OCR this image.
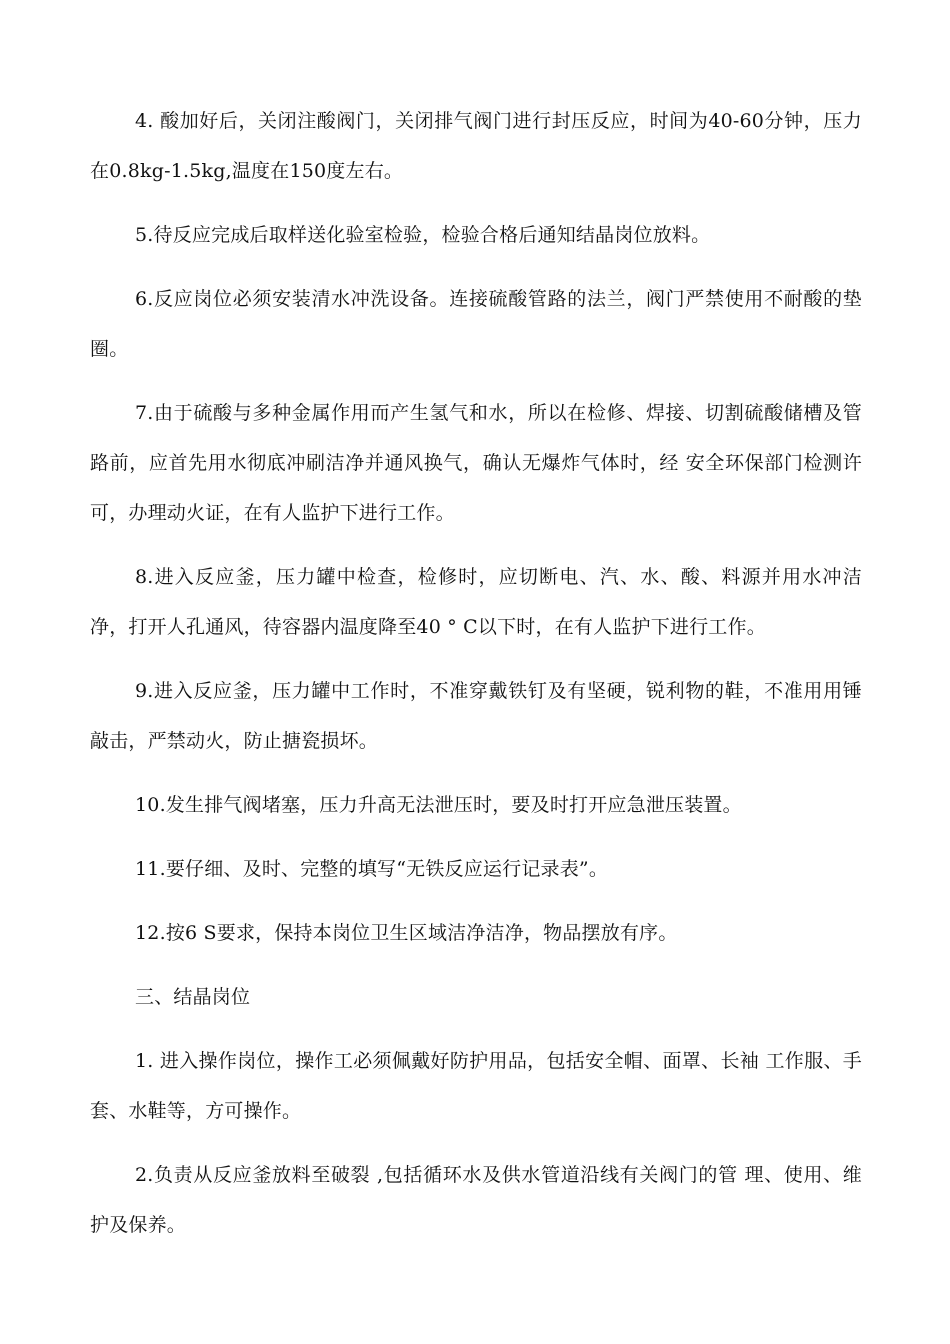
4. 酸加好后，关闭注酸阀门，关闭排气阀门进行封压反应，时间为40-60分钟，压力在0.8kg-1.5kg,温度在150度左右。

5.待反应完成后取样送化验室检验，检验合格后通知结晶岗位放料。

6.反应岗位必须安装清水冲洗设备。连接硫酸管路的法兰，阀门严禁使用不耐酸的垫圈。

7.由于硫酸与多种金属作用而产生氢气和水，所以在检修、焊接、切割硫酸储槽及管路前，应首先用水彻底冲刷洁净并通风换气，确认无爆炸气体时，经 安全环保部门检测许可，办理动火证，在有人监护下进行工作。

8.进入反应釜，压力罐中检查，检修时，应切断电、汽、水、酸、料源并用水冲洁净，打开人孔通风，待容器内温度降至40 ° C以下时，在有人监护下进行工作。

9.进入反应釜，压力罐中工作时，不准穿戴铁钉及有坚硬，锐利物的鞋，不准用用锤敲击，严禁动火，防止搪瓷损坏。

10.发生排气阀堵塞，压力升高无法泄压时，要及时打开应急泄压装置。

11.要仔细、及时、完整的填写“无铁反应运行记录表”。

12.按6 S要求，保持本岗位卫生区域洁净洁净，物品摆放有序。

三、结晶岗位

1. 进入操作岗位，操作工必须佩戴好防护用品，包括安全帽、面罩、长袖 工作服、手套、水鞋等，方可操作。

2.负责从反应釜放料至破裂 ,包括循环水及供水管道沿线有关阀门的管 理、使用、维护及保养。
